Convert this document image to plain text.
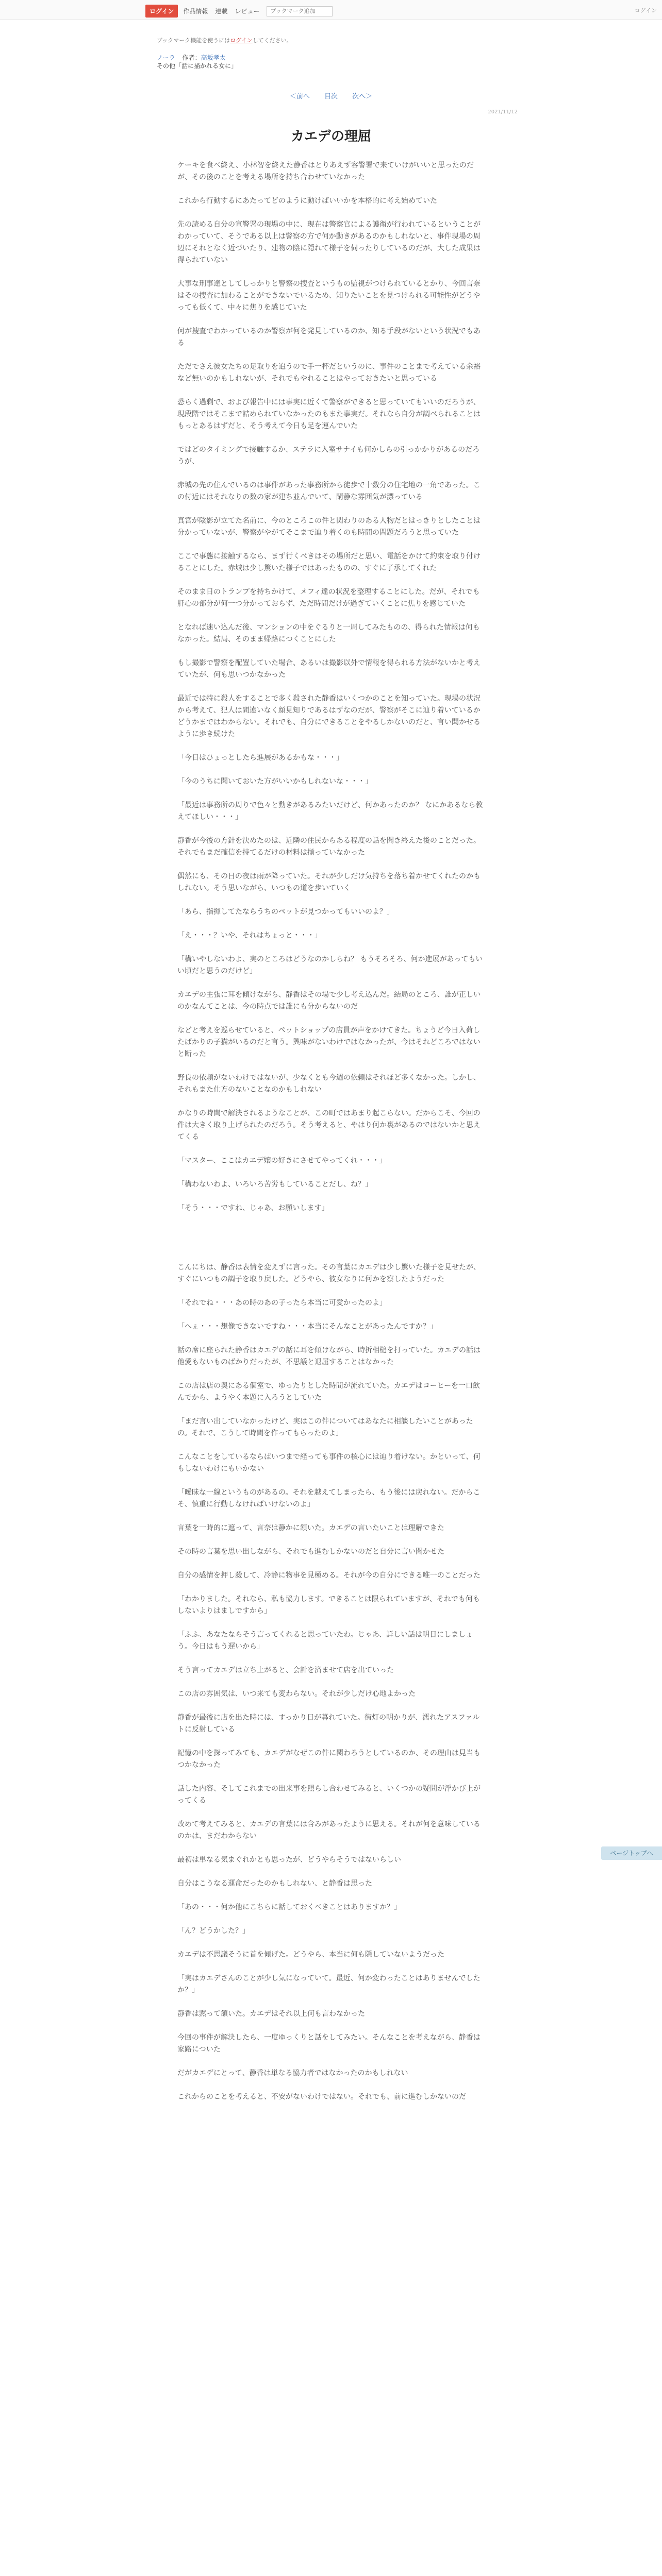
ログイン	作品情報 連載 レビュー
ブックマーク追加	ログイン
ブックマーク機能を使うにはログインしてください。
ノーラ 作者：高坂孝太
その他「話に描かれる女に」
＜前へ 目次 次へ＞
2021/11/12
カエデの理屈

ケーキを食べ終え、小林智を終えた静香はとりあえず容警署で来ていけがいいと思ったのだが、その後のことを考える場所を持ち合わせていなかった

これから行動するにあたってどのように動けばいいかを本格的に考え始めていた

先の読める自分の宣警署の現場の中に、現在は警察官による護衛が行われているということがわかっていて、そうである以上は警察の方で何か動きがあるのかもしれないと、事件現場の周辺にそれとなく近づいたり、建物の陰に隠れて様子を伺ったりしているのだが、大した成果は得られていない

大事な刑事達としてしっかりと警察の捜査というもの監視がつけられているとかり、今回言奈はその捜査に加わることができないでいるため、知りたいことを見つけられる可能性がどうやっても低くて、中々に焦りを感じていた

何が捜査でわかっているのか警察が何を発見しているのか、知る手段がないという状況でもある

ただでさえ彼女たちの足取りを追うので手一杯だというのに、事件のことまで考えている余裕など無いのかもしれないが、それでもやれることはやっておきたいと思っている

恐らく過剰で、および報告中には事実に近くて警察ができると思っていてもいいのだろうが、現段階ではそこまで詰められていなかったのもまた事実だ。それなら自分が調べられることはもっとあるはずだと、そう考えて今日も足を運んでいた

ではどのタイミングで接触するか、ステラに入室サナイも何かしらの引っかかりがあるのだろうが、

赤城の先の住んでいるのは事件があった事務所から徒歩で十数分の住宅地の一角であった。この付近にはそれなりの数の家が建ち並んでいて、閑静な雰囲気が漂っている

真宮が陰影が立てた名前に、今のところこの件と関わりのある人物だとはっきりとしたことは分かっていないが、警察がやがてそこまで辿り着くのも時間の問題だろうと思っていた

ここで事態に接触するなら、まず行くべきはその場所だと思い、電話をかけて約束を取り付けることにした。赤城は少し驚いた様子ではあったものの、すぐに了承してくれた

そのまま日のトランプを持ちかけて、メフィ達の状況を整理することにした。だが、それでも肝心の部分が何一つ分かっておらず、ただ時間だけが過ぎていくことに焦りを感じていた

となれば迷い込んだ後、マンションの中をぐるりと一周してみたものの、得られた情報は何もなかった。結局、そのまま帰路につくことにした

もし撮影で警察を配置していた場合、あるいは撮影以外で情報を得られる方法がないかと考えていたが、何も思いつかなかった

最近では特に殺人をすることで多く殺された静香はいくつかのことを知っていた。現場の状況から考えて、犯人は間違いなく顔見知りであるはずなのだが、警察がそこに辿り着いているかどうかまではわからない。それでも、自分にできることをやるしかないのだと、言い聞かせるように歩き続けた

「今日はひょっとしたら進展があるかもな・・・」

「今のうちに聞いておいた方がいいかもしれないな・・・」

「最近は事務所の周りで色々と動きがあるみたいだけど、何かあったのか？ なにかあるなら教えてほしい・・・」

静香が今後の方針を決めたのは、近隣の住民からある程度の話を聞き終えた後のことだった。それでもまだ確信を持てるだけの材料は揃っていなかった

偶然にも、その日の夜は雨が降っていた。それが少しだけ気持ちを落ち着かせてくれたのかもしれない。そう思いながら、いつもの道を歩いていく

「あら、指揮してたならうちのペットが見つかってもいいのよ？」

「え・・・？いや、それはちょっと・・・」

「構いやしないわよ、実のところはどうなのかしらね？ もうそろそろ、何か進展があってもいい頃だと思うのだけど」

カエデの主張に耳を傾けながら、静香はその場で少し考え込んだ。結局のところ、誰が正しいのかなんてことは、今の時点では誰にも分からないのだ

などと考えを巡らせていると、ペットショップの店員が声をかけてきた。ちょうど今日入荷したばかりの子猫がいるのだと言う。興味がないわけではなかったが、今はそれどころではないと断った

野良の依頼がないわけではないが、少なくとも今週の依頼はそれほど多くなかった。しかし、それもまた仕方のないことなのかもしれない

かなりの時間で解決されるようなことが、この町ではあまり起こらない。だからこそ、今回の件は大きく取り上げられたのだろう。そう考えると、やはり何か裏があるのではないかと思えてくる

「マスター、ここはカエデ嬢の好きにさせてやってくれ・・・」

「構わないわよ、いろいろ苦労もしていることだし、ね？」

「そう・・・ですね、じゃあ、お願いします」

こんにちは、静香は表情を変えずに言った。その言葉にカエデは少し驚いた様子を見せたが、すぐにいつもの調子を取り戻した。どうやら、彼女なりに何かを察したようだった

「それでね・・・あの時のあの子ったら本当に可愛かったのよ」

「へぇ・・・想像できないですね・・・本当にそんなことがあったんですか？」

話の席に座られた静香はカエデの話に耳を傾けながら、時折相槌を打っていた。カエデの話は他愛もないものばかりだったが、不思議と退屈することはなかった

この店は店の奥にある個室で、ゆったりとした時間が流れていた。カエデはコーヒーを一口飲んでから、ようやく本題に入ろうとしていた

「まだ言い出していなかったけど、実はこの件についてはあなたに相談したいことがあったの。それで、こうして時間を作ってもらったのよ」

こんなことをしているならばいつまで経っても事件の核心には辿り着けない。かといって、何もしないわけにもいかない

「曖昧な一線というものがあるの。それを越えてしまったら、もう後には戻れない。だからこそ、慎重に行動しなければいけないのよ」

言葉を一時的に遮って、言奈は静かに頷いた。カエデの言いたいことは理解できた

その時の言葉を思い出しながら、それでも進むしかないのだと自分に言い聞かせた

自分の感情を押し殺して、冷静に物事を見極める。それが今の自分にできる唯一のことだった

「わかりました。それなら、私も協力します。できることは限られていますが、それでも何もしないよりはましですから」

「ふふ、あなたならそう言ってくれると思っていたわ。じゃあ、詳しい話は明日にしましょう。今日はもう遅いから」

そう言ってカエデは立ち上がると、会計を済ませて店を出ていった

この店の雰囲気は、いつ来ても変わらない。それが少しだけ心地よかった

静香が最後に店を出た時には、すっかり日が暮れていた。街灯の明かりが、濡れたアスファルトに反射している

記憶の中を探ってみても、カエデがなぜこの件に関わろうとしているのか、その理由は見当もつかなかった

話した内容、そしてこれまでの出来事を照らし合わせてみると、いくつかの疑問が浮かび上がってくる

改めて考えてみると、カエデの言葉には含みがあったように思える。それが何を意味しているのかは、まだわからない

最初は単なる気まぐれかとも思ったが、どうやらそうではないらしい

自分はこうなる運命だったのかもしれない、と静香は思った

「あの・・・何か他にこちらに話しておくべきことはありますか？」

「ん？どうかした？」

カエデは不思議そうに首を傾げた。どうやら、本当に何も隠していないようだった

「実はカエデさんのことが少し気になっていて。最近、何か変わったことはありませんでしたか？」

静香は黙って頷いた。カエデはそれ以上何も言わなかった

今回の事件が解決したら、一度ゆっくりと話をしてみたい。そんなことを考えながら、静香は家路についた

だがカエデにとって、静香は単なる協力者ではなかったのかもしれない

これからのことを考えると、不安がないわけではない。それでも、前に進むしかないのだ

ページトップへ
